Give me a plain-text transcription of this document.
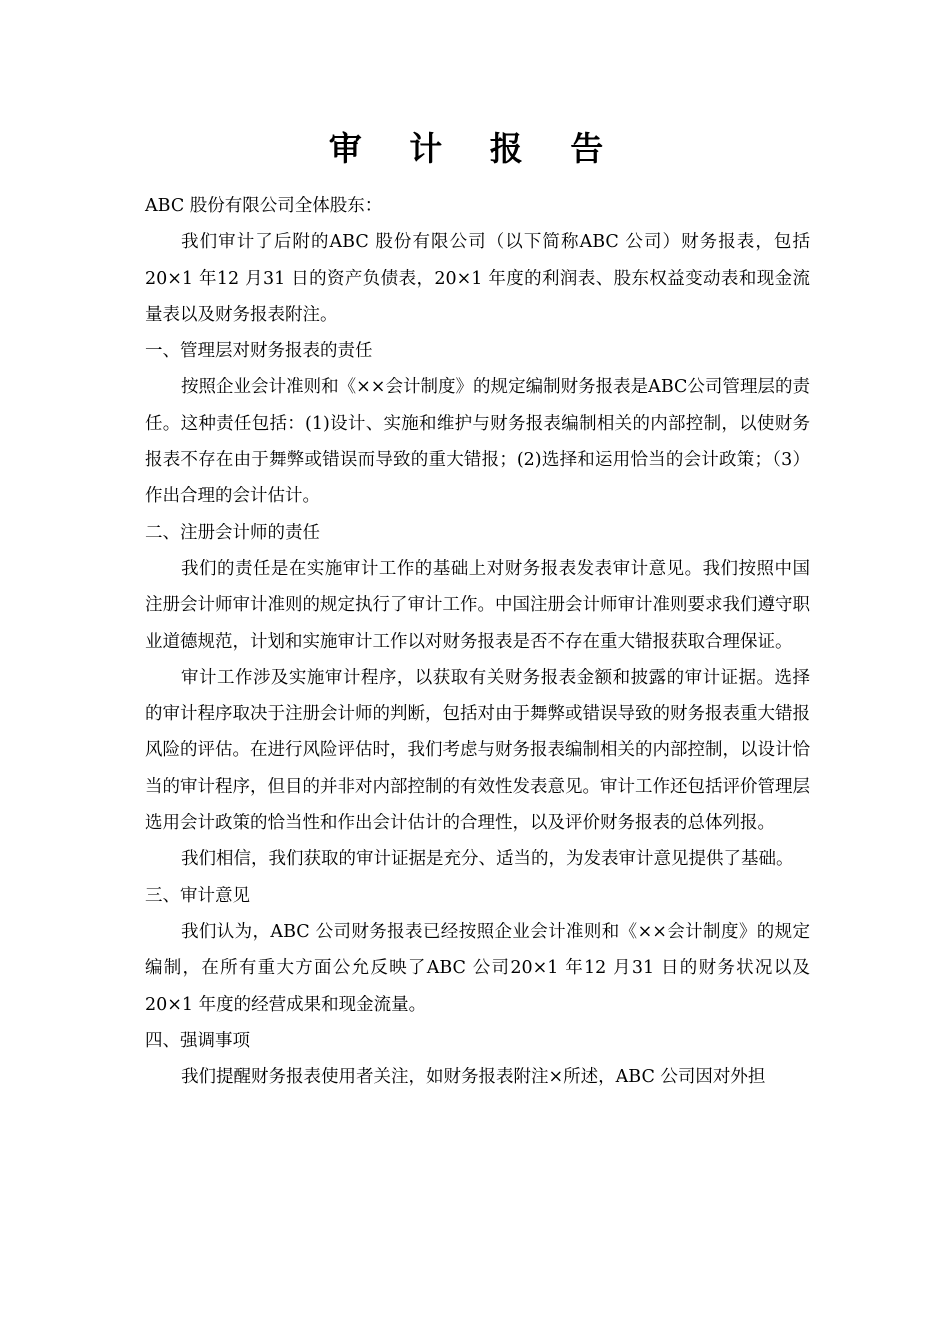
审 计 报 告

ABC 股份有限公司全体股东：

我们审计了后附的ABC 股份有限公司（以下简称ABC 公司）财务报表，包括20×1 年12 月31 日的资产负债表，20×1 年度的利润表、股东权益变动表和现金流量表以及财务报表附注。

一、管理层对财务报表的责任

按照企业会计准则和《××会计制度》的规定编制财务报表是ABC公司管理层的责任。这种责任包括：(1)设计、实施和维护与财务报表编制相关的内部控制，以使财务报表不存在由于舞弊或错误而导致的重大错报；(2)选择和运用恰当的会计政策；（3）作出合理的会计估计。

二、注册会计师的责任

我们的责任是在实施审计工作的基础上对财务报表发表审计意见。我们按照中国注册会计师审计准则的规定执行了审计工作。中国注册会计师审计准则要求我们遵守职业道德规范，计划和实施审计工作以对财务报表是否不存在重大错报获取合理保证。

审计工作涉及实施审计程序，以获取有关财务报表金额和披露的审计证据。选择的审计程序取决于注册会计师的判断，包括对由于舞弊或错误导致的财务报表重大错报风险的评估。在进行风险评估时，我们考虑与财务报表编制相关的内部控制，以设计恰当的审计程序，但目的并非对内部控制的有效性发表意见。审计工作还包括评价管理层选用会计政策的恰当性和作出会计估计的合理性，以及评价财务报表的总体列报。

我们相信，我们获取的审计证据是充分、适当的，为发表审计意见提供了基础。

三、审计意见

我们认为，ABC 公司财务报表已经按照企业会计准则和《××会计制度》的规定编制，在所有重大方面公允反映了ABC 公司20×1 年12 月31 日的财务状况以及20×1 年度的经营成果和现金流量。

四、强调事项

我们提醒财务报表使用者关注，如财务报表附注×所述，ABC 公司因对外担
